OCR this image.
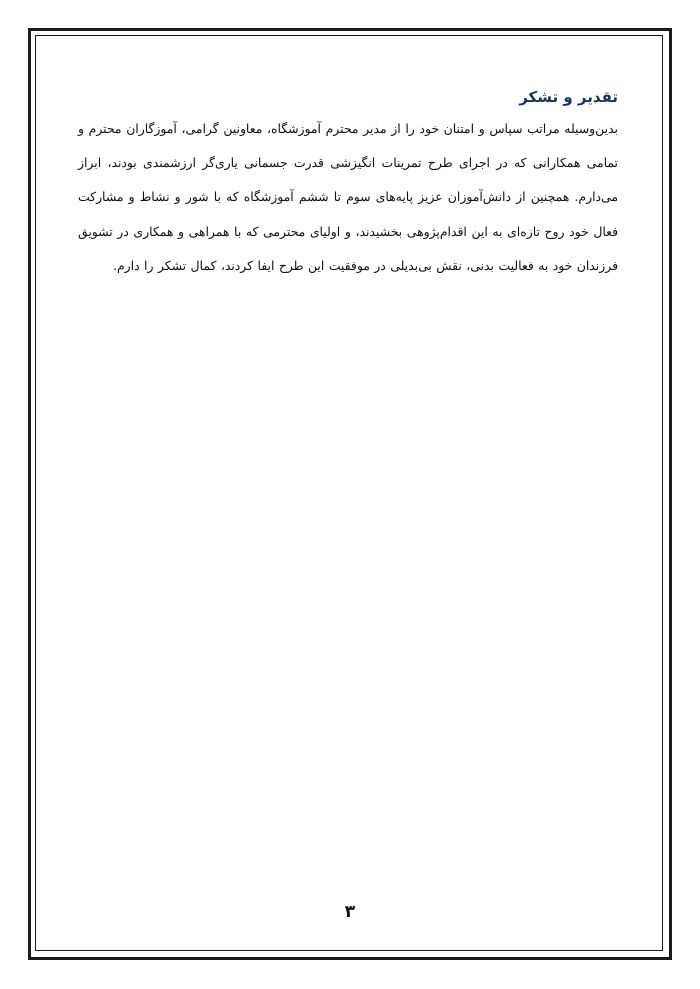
تقدیر و تشکر

بدین‌وسیله مراتب سپاس و امتنان خود را از مدیر محترم آموزشگاه، معاونین گرامی، آموزگاران محترم و تمامی همکارانی که در اجرای طرح تمرینات انگیزشی قدرت جسمانی یاری‌گر ارزشمندی بودند، ابراز می‌دارم. همچنین از دانش‌آموزان عزیز پایه‌های سوم تا ششم آموزشگاه که با شور و نشاط و مشارکت فعال خود روح تازه‌ای به این اقدام‌پژوهی بخشیدند، و اولیای محترمی که با همراهی و همکاری در تشویق فرزندان خود به فعالیت بدنی، نقش بی‌بدیلی در موفقیت این طرح ایفا کردند، کمال تشکر را دارم.

۳
